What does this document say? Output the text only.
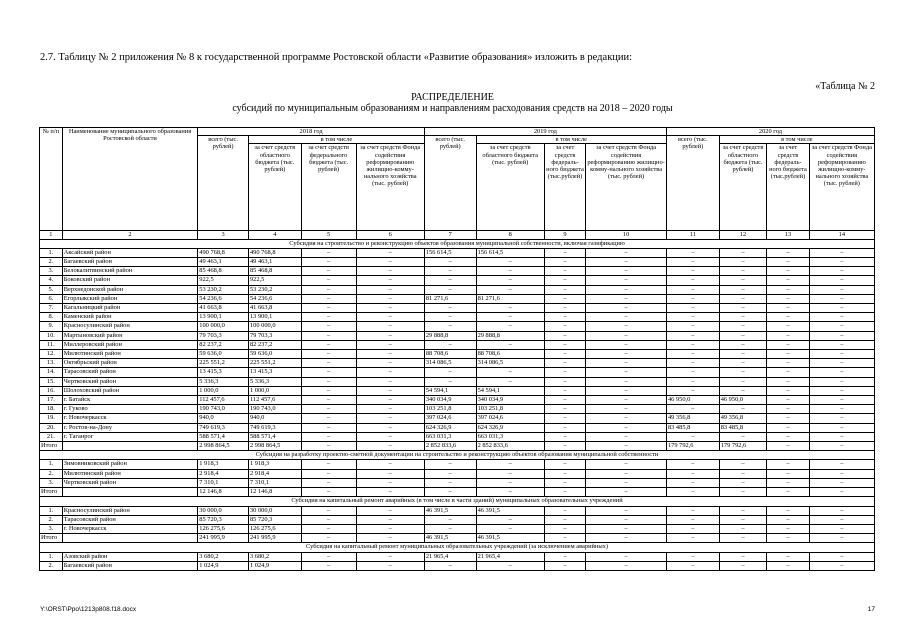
2.7. Таблицу № 2 приложения № 8 к государственной программе Ростовской области «Развитие образования» изложить в редакции:
«Таблица № 2
РАСПРЕДЕЛЕНИЕ
субсидий по муниципальным образованиям и направлениям расходования средств на 2018 – 2020 годы
№ п/п	Наименование муниципального образования Ростовской области	2018 год				2019 год				2020 год			
		всего (тыс. рублей)	в том числе			всего (тыс. рублей)	в том числе			всего (тыс. рублей)	в том числе		
			за счет средств областного бюджета (тыс. рублей)	за счет средств федерального бюджета (тыс. рублей)	за счет средств Фонда содействия реформированию жилищно-комму-нального хозяйства (тыс. рублей)		за счет средств областного бюджета (тыс. рублей)	за счет средств федераль-ного бюджета (тыс.рублей)	за счет средств Фонда содействия реформированию жилищно-комму-нального хозяйства (тыс. рублей)		за счет средств областного бюджета (тыс. рублей)	за счет средств федераль-ного бюджета (тыс.рублей)	за счет средств Фонда содействия реформированию жилищно-комму-нального хозяйства (тыс. рублей)
1	2	3	4	5	6	7	8	9	10	11	12	13	14
Субсидия на строительство и реконструкцию объектов образования муниципальной собственности, включая газификацию													
1.	Аксайский район	490 768,8	490 768,8	–	–	156 614,5	156 614,5	–	–	–	–	–	–
2.	Багаевский район	49 463,1	49 463,1	–	–	–	–	–	–	–	–	–	–
3.	Белокалитвинский район	85 468,8	85 468,8	–	–	–	–	–	–	–	–	–	–
4.	Боковский район	922,5	922,5	–	–	–	–	–	–	–	–	–	–
5.	Верхнедонской район	53 230,2	53 230,2	–	–	–	–	–	–	–	–	–	–
6.	Егорлыкский район	54 236,6	54 236,6	–	–	81 271,6	81 271,6	–	–	–	–	–	–
7.	Кагальницкий район	41 663,8	41 663,8	–	–	–	–	–	–	–	–	–	–
8.	Каменский район	13 900,1	13 900,1	–	–	–	–	–	–	–	–	–	–
9.	Красносулинский район	100 000,0	100 000,0	–	–	–	–	–	–	–	–	–	–
10.	Мартыновский район	79 703,3	79 703,3	–	–	29 888,8	29 888,8	–	–	–	–	–	–
11.	Миллеровский район	82 237,2	82 237,2	–	–	–	–	–	–	–	–	–	–
12.	Милютинский район	59 636,0	59 636,0	–	–	88 708,6	88 708,6	–	–	–	–	–	–
13.	Октябрьский район	225 551,2	225 551,2	–	–	314 086,5	314 086,5	–	–	–	–	–	–
14.	Тарасовский район	13 415,3	13 415,3	–	–	–	–	–	–	–	–	–	–
15.	Чертковский район	5 336,3	5 336,3	–	–	–	–	–	–	–	–	–	–
16.	Шолоховский район	1 000,0	1 000,0	–	–	54 594,1	54 594,1	–	–	–	–	–	–
17.	г. Батайск	112 457,6	112 457,6	–	–	340 034,9	340 034,9	–	–	46 950,0	46 950,0	–	–
18.	г. Гуково	190 743,0	190 743,0	–	–	103 251,8	103 251,8	–	–	–	–	–	–
19.	г. Новочеркасск	940,0	940,0	–	–	397 024,6	397 024,6	–	–	49 356,8	49 356,8	–	–
20.	г. Ростов-на-Дону	749 619,3	749 619,3	–	–	624 326,9	624 326,9	–	–	83 485,8	83 485,8	–	–
21.	г. Таганрог	588 571,4	588 571,4	–	–	663 031,3	663 031,3	–	–	–	–	–	–
Итого		2 998 864,5	2 998 864,5	–	–	2 852 833,6	2 852 833,6	–	–	179 792,6	179 792,6	–	–
Субсидия на разработку проектно-сметной документации на строительство и реконструкцию объектов образования муниципальной собственности													
1.	Зимовниковский район	1 918,3	1 918,3	–	–	–	–	–	–	–	–	–	–
2.	Милютинский район	2 918,4	2 918,4	–	–	–	–	–	–	–	–	–	–
3.	Чертковский район	7 310,1	7 310,1	–	–	–	–	–	–	–	–	–	–
Итого		12 146,8	12 146,8	–	–	–	–	–	–	–	–	–	–
Субсидия на капитальный ремонт аварийных (в том числе в части зданий) муниципальных образовательных учреждений													
1.	Красносулинский район	30 000,0	30 000,0	–	–	46 391,5	46 391,5	–	–	–	–	–	–
2.	Тарасовский район	85 720,3	85 720,3	–	–	–	–	–	–	–	–	–	–
3.	г. Новочеркасск	126 275,6	126 275,6	–	–	–	–	–	–	–	–	–	–
Итого		241 995,9	241 995,9	–	–	46 391,5	46 391,5	–	–	–	–	–	–
Субсидия на капитальный ремонт муниципальных образовательных учреждений (за исключением аварийных)													
1.	Азовский район	3 680,2	3 680,2	–	–	21 965,4	21 965,4	–	–	–	–	–	–
2.	Багаевский район	1 024,9	1 024,9	–	–	–	–	–	–	–	–	–	–
Y:\ORST\Ppo\1213p808.f18.docx	17
